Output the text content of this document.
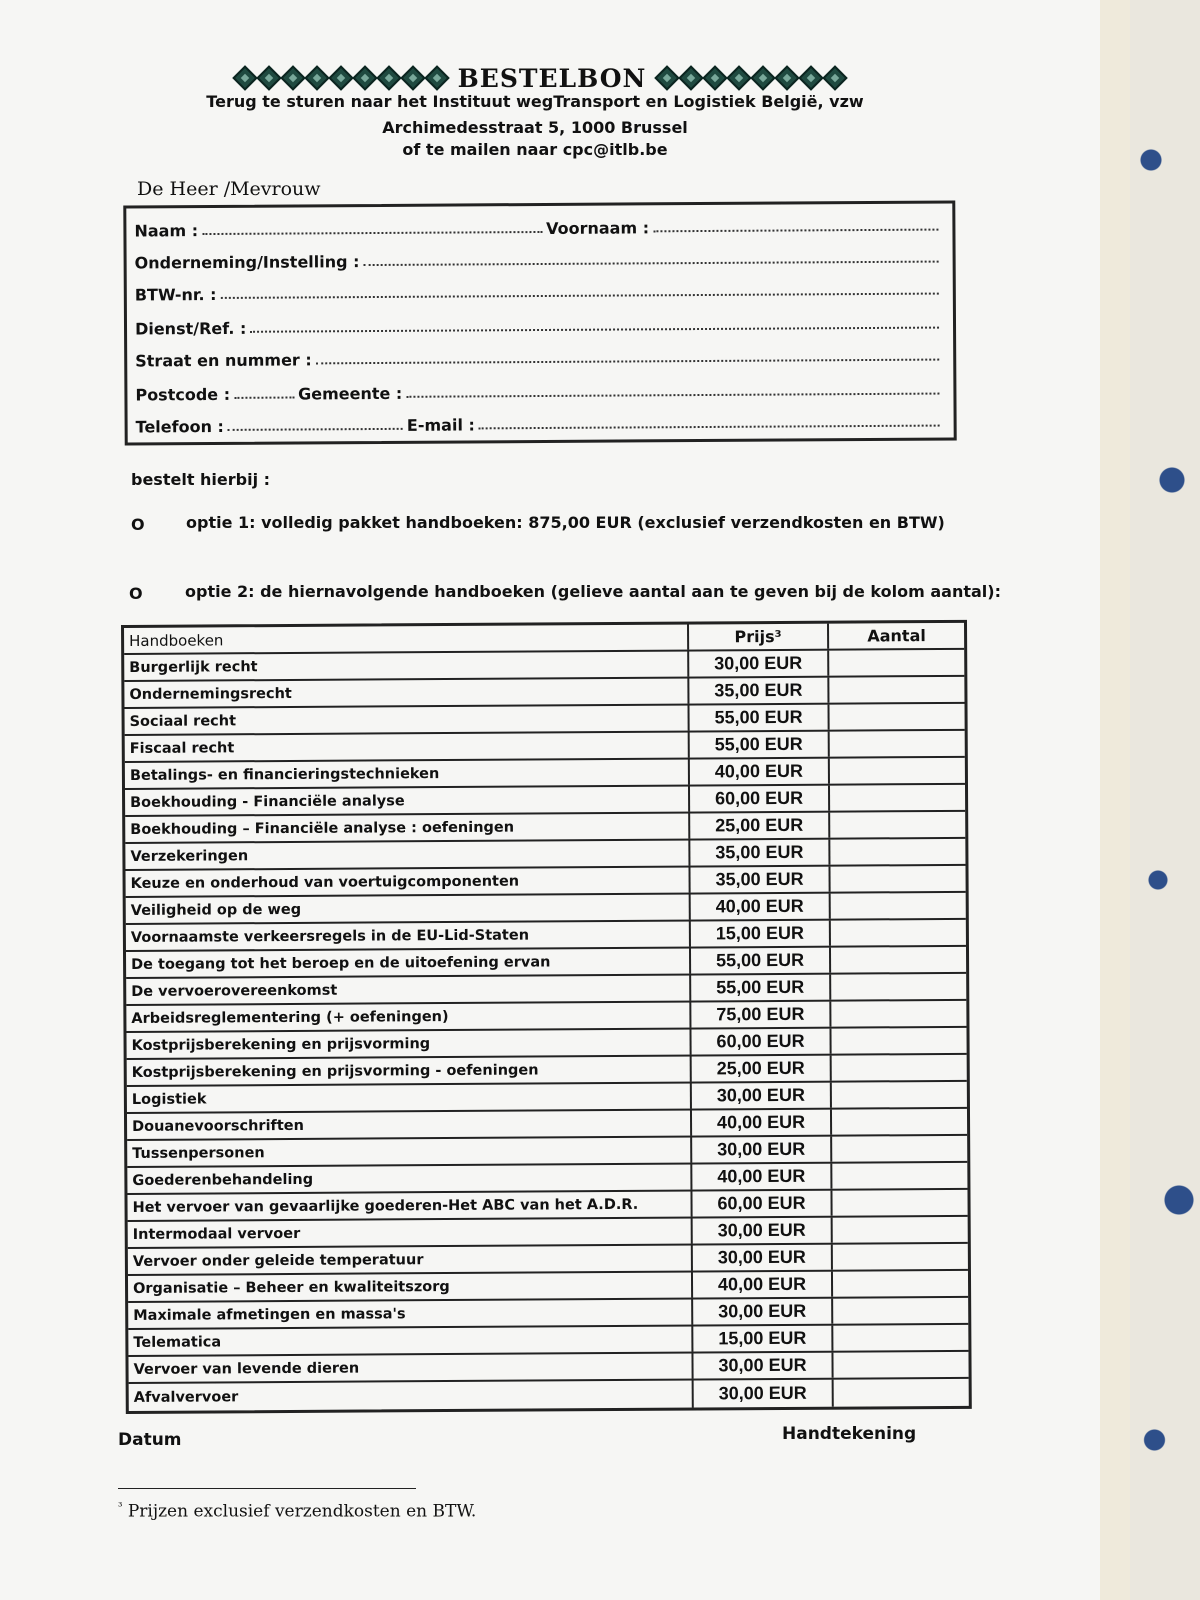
BESTELBON
Terug te sturen naar het Instituut wegTransport en Logistiek België, vzw
Archimedesstraat 5, 1000 Brussel
of te mailen naar cpc@itlb.be
De Heer /Mevrouw
Naam :	Voornaam :
Onderneming/Instelling :
BTW-nr. :
Dienst/Ref. :
Straat en nummer :
Postcode :	Gemeente :
Telefoon :	E-mail :
bestelt hierbij :
O	optie 1: volledig pakket handboeken: 875,00 EUR (exclusief verzendkosten en BTW)
O	optie 2: de hiernavolgende handboeken (gelieve aantal aan te geven bij de kolom aantal):
Handboeken	Prijs³	Aantal
Burgerlijk recht	30,00 EUR
Ondernemingsrecht	35,00 EUR
Sociaal recht	55,00 EUR
Fiscaal recht	55,00 EUR
Betalings- en financieringstechnieken	40,00 EUR
Boekhouding - Financiële analyse	60,00 EUR
Boekhouding – Financiële analyse : oefeningen	25,00 EUR
Verzekeringen	35,00 EUR
Keuze en onderhoud van voertuigcomponenten	35,00 EUR
Veiligheid op de weg	40,00 EUR
Voornaamste verkeersregels in de EU-Lid-Staten	15,00 EUR
De toegang tot het beroep en de uitoefening ervan	55,00 EUR
De vervoerovereenkomst	55,00 EUR
Arbeidsreglementering (+ oefeningen)	75,00 EUR
Kostprijsberekening en prijsvorming	60,00 EUR
Kostprijsberekening en prijsvorming - oefeningen	25,00 EUR
Logistiek	30,00 EUR
Douanevoorschriften	40,00 EUR
Tussenpersonen	30,00 EUR
Goederenbehandeling	40,00 EUR
Het vervoer van gevaarlijke goederen-Het ABC van het A.D.R.	60,00 EUR
Intermodaal vervoer	30,00 EUR
Vervoer onder geleide temperatuur	30,00 EUR
Organisatie – Beheer en kwaliteitszorg	40,00 EUR
Maximale afmetingen en massa's	30,00 EUR
Telematica	15,00 EUR
Vervoer van levende dieren	30,00 EUR
Afvalvervoer	30,00 EUR
Datum	Handtekening
$^{^3}$ Prijzen exclusief verzendkosten en BTW.
